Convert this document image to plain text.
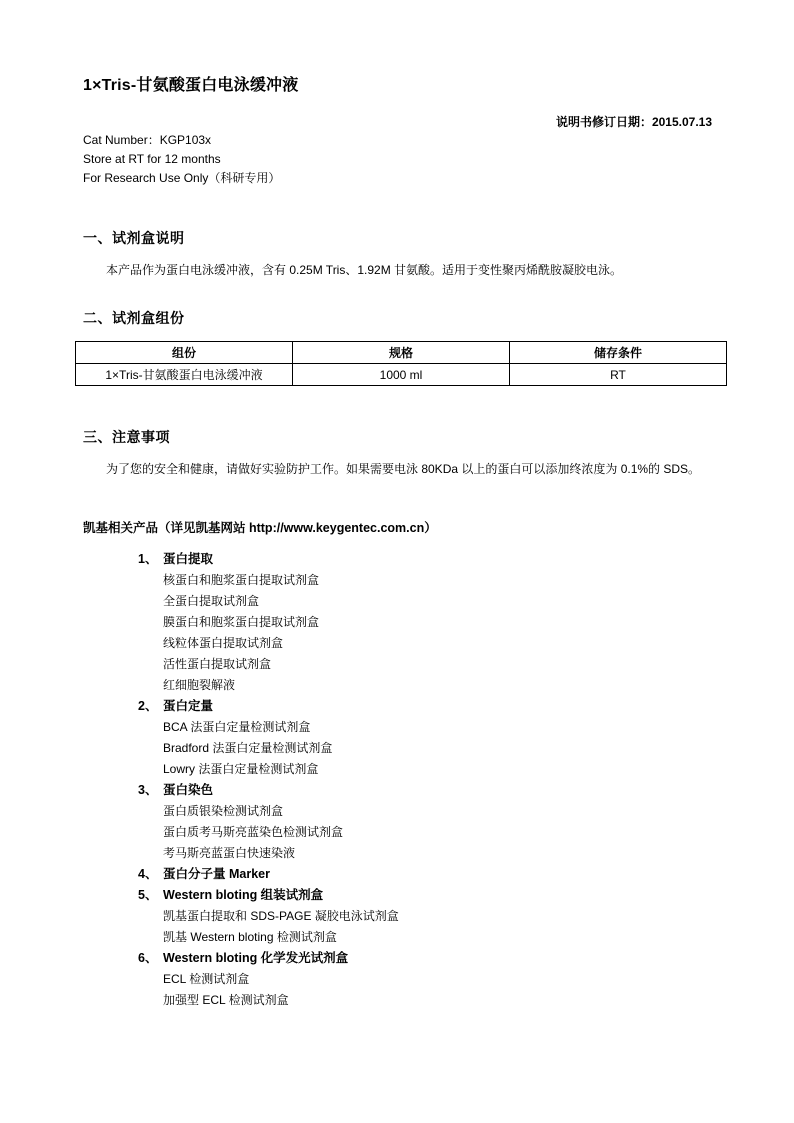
1×Tris-甘氨酸蛋白电泳缓冲液
说明书修订日期：2015.07.13
Cat Number：KGP103x
Store at RT for 12 months
For Research Use Only（科研专用）
一、试剂盒说明
本产品作为蛋白电泳缓冲液，含有 0.25M Tris、1.92M 甘氨酸。适用于变性聚丙烯酰胺凝胶电泳。
二、试剂盒组份
组份	规格	储存条件
1×Tris-甘氨酸蛋白电泳缓冲液	1000 ml	RT
三、注意事项
为了您的安全和健康，请做好实验防护工作。如果需要电泳 80KDa 以上的蛋白可以添加终浓度为 0.1%的 SDS。
凯基相关产品（详见凯基网站 http://www.keygentec.com.cn）
1、 蛋白提取
核蛋白和胞浆蛋白提取试剂盒
全蛋白提取试剂盒
膜蛋白和胞浆蛋白提取试剂盒
线粒体蛋白提取试剂盒
活性蛋白提取试剂盒
红细胞裂解液
2、 蛋白定量
BCA 法蛋白定量检测试剂盒
Bradford 法蛋白定量检测试剂盒
Lowry 法蛋白定量检测试剂盒
3、 蛋白染色
蛋白质银染检测试剂盒
蛋白质考马斯亮蓝染色检测试剂盒
考马斯亮蓝蛋白快速染液
4、 蛋白分子量 Marker
5、 Western bloting 组装试剂盒
凯基蛋白提取和 SDS-PAGE 凝胶电泳试剂盒
凯基 Western bloting 检测试剂盒
6、 Western bloting 化学发光试剂盒
ECL 检测试剂盒
加强型 ECL 检测试剂盒
